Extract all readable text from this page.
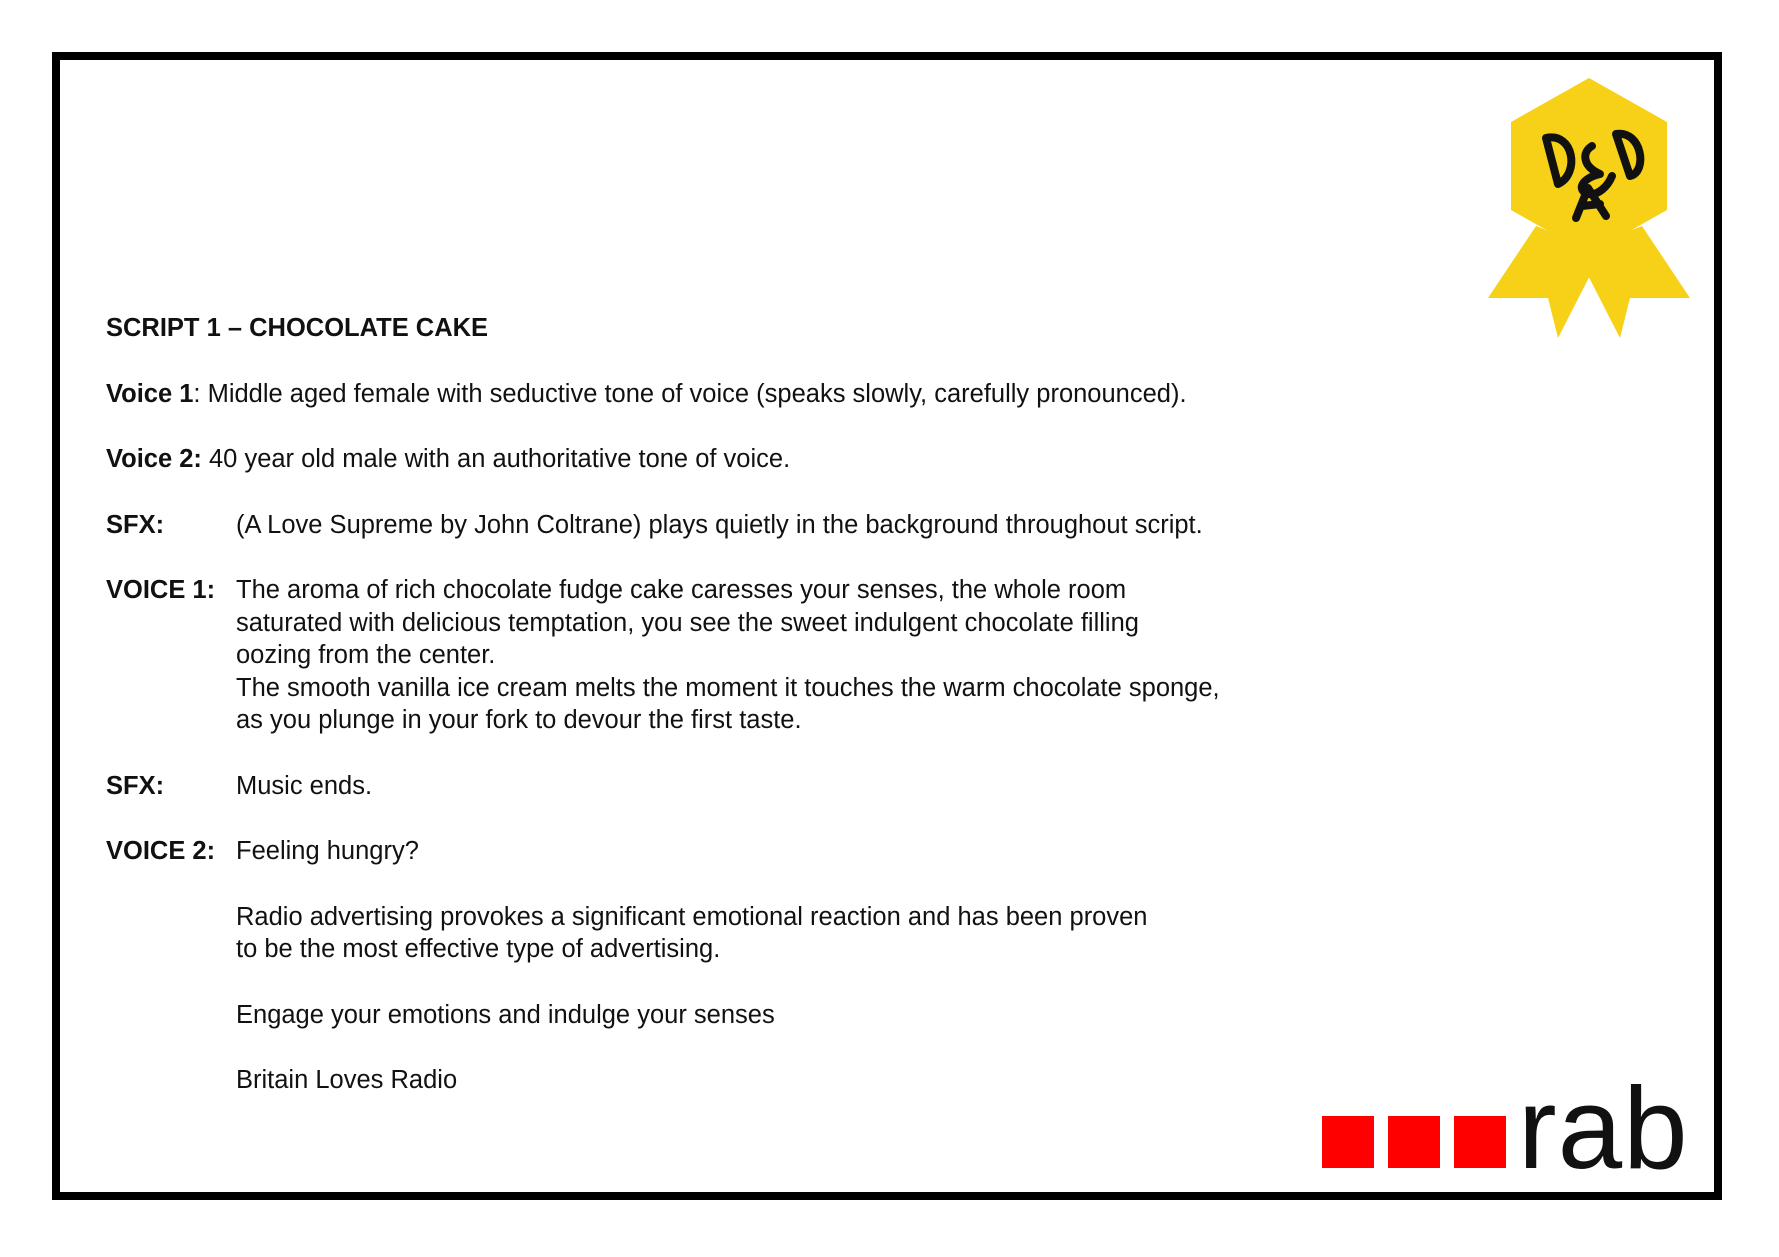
SCRIPT 1 – CHOCOLATE CAKE
Voice 1: Middle aged female with seductive tone of voice (speaks slowly, carefully pronounced).
Voice 2: 40 year old male with an authoritative tone of voice.
SFX:	(A Love Supreme by John Coltrane) plays quietly in the background throughout script.
VOICE 1: The aroma of rich chocolate fudge cake caresses your senses, the whole room
saturated with delicious temptation, you see the sweet indulgent chocolate filling
oozing from the center.
The smooth vanilla ice cream melts the moment it touches the warm chocolate sponge,
as you plunge in your fork to devour the first taste.
SFX:	Music ends.
VOICE 2: Feeling hungry?
Radio advertising provokes a significant emotional reaction and has been proven
to be the most effective type of advertising.
Engage your emotions and indulge your senses
Britain Loves Radio	rab
